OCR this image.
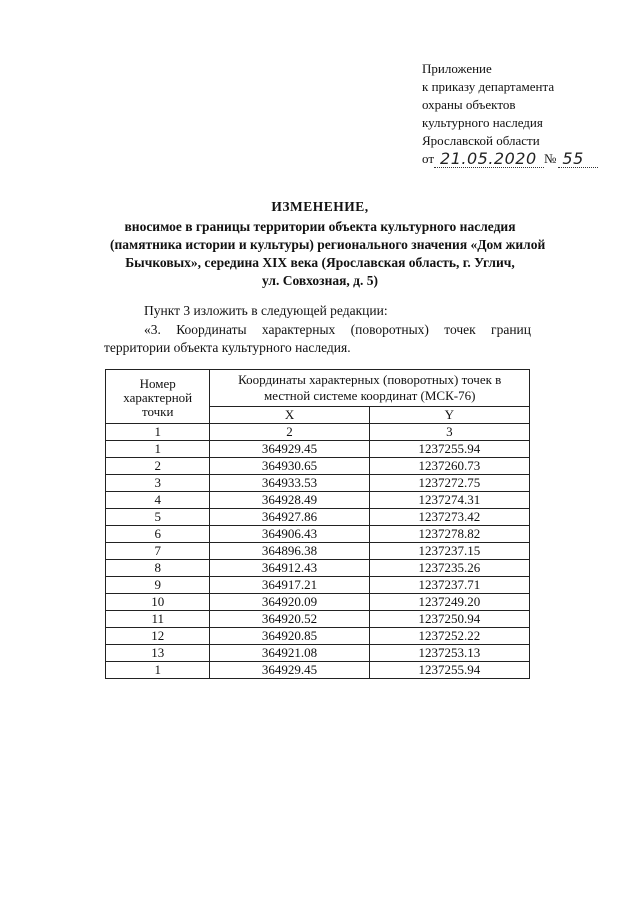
Приложение
к приказу департамента
охраны объектов
культурного наследия
Ярославской области
от 21.05.2020 № 55
ИЗМЕНЕНИЕ,
вносимое в границы территории объекта культурного наследия
(памятника истории и культуры) регионального значения «Дом жилой
Бычковых», середина XIX века (Ярославская область, г. Углич,
ул. Совхозная, д. 5)
Пункт 3 изложить в следующей редакции:
«3. Координаты характерных (поворотных) точек границ территории объекта культурного наследия.
Номер характерной точки	Координаты характерных (поворотных) точек в местной системе координат (МСК-76)	
	X	Y
1	2	3
1	364929.45	1237255.94
2	364930.65	1237260.73
3	364933.53	1237272.75
4	364928.49	1237274.31
5	364927.86	1237273.42
6	364906.43	1237278.82
7	364896.38	1237237.15
8	364912.43	1237235.26
9	364917.21	1237237.71
10	364920.09	1237249.20
11	364920.52	1237250.94
12	364920.85	1237252.22
13	364921.08	1237253.13
1	364929.45	1237255.94
